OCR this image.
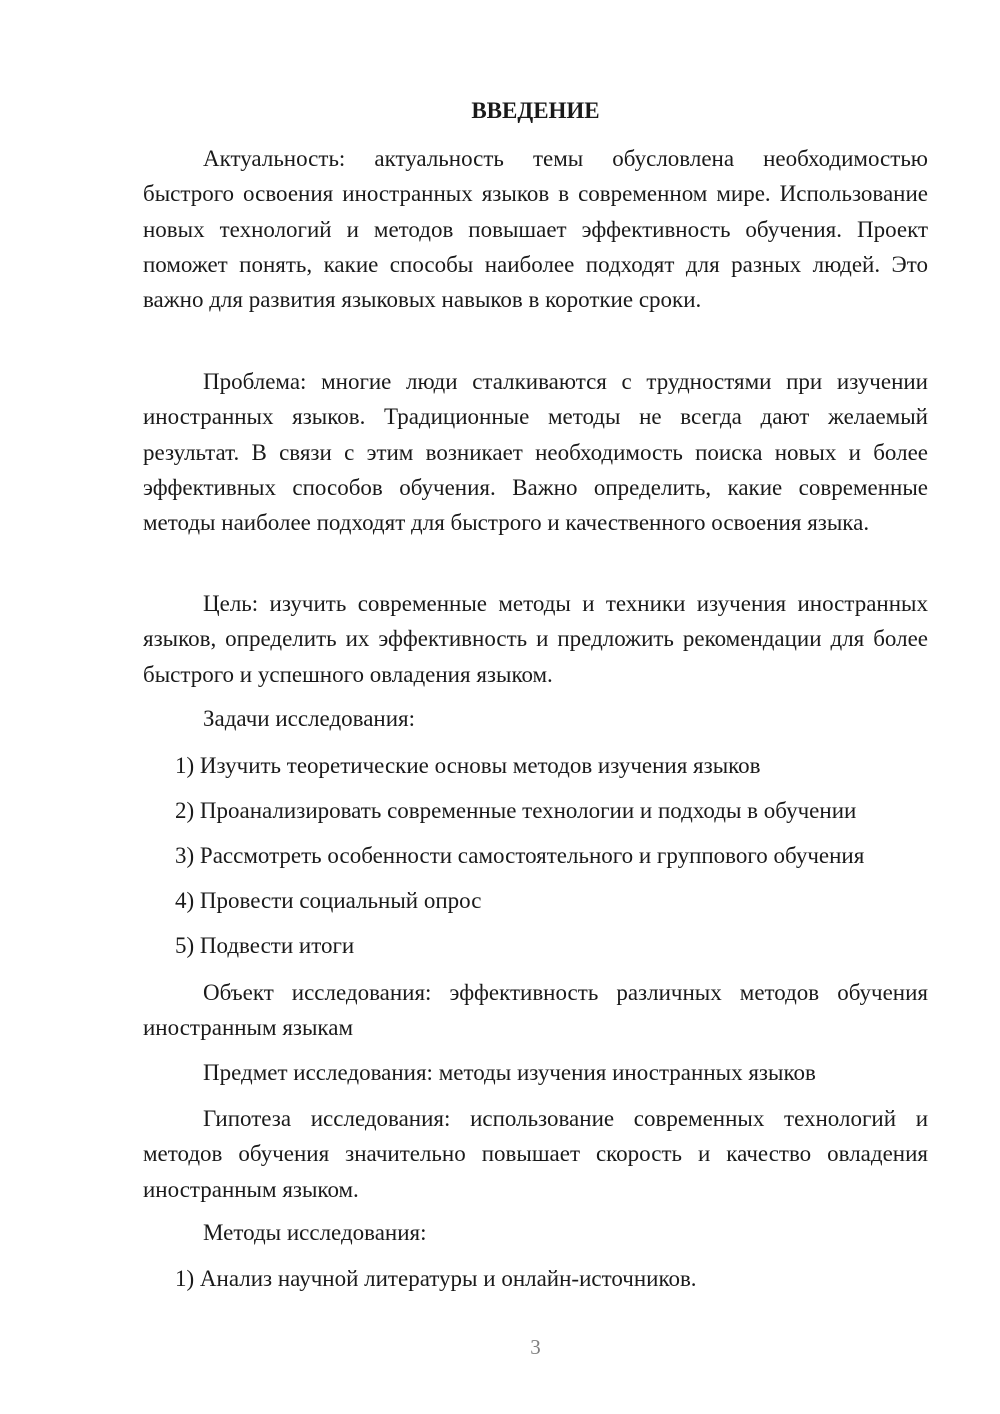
ВВЕДЕНИЕ

Актуальность: актуальность темы обусловлена необходимостью быстрого освоения иностранных языков в современном мире. Использование новых технологий и методов повышает эффективность обучения. Проект поможет понять, какие способы наиболее подходят для разных людей. Это важно для развития языковых навыков в короткие сроки.

Проблема: многие люди сталкиваются с трудностями при изучении иностранных языков. Традиционные методы не всегда дают желаемый результат. В связи с этим возникает необходимость поиска новых и более эффективных способов обучения. Важно определить, какие современные методы наиболее подходят для быстрого и качественного освоения языка.

Цель: изучить современные методы и техники изучения иностранных языков, определить их эффективность и предложить рекомендации для более быстрого и успешного овладения языком.

Задачи исследования:

1) Изучить теоретические основы методов изучения языков

2) Проанализировать современные технологии и подходы в обучении

3) Рассмотреть особенности самостоятельного и группового обучения

4) Провести социальный опрос

5) Подвести итоги

Объект исследования: эффективность различных методов обучения иностранным языкам

Предмет исследования: методы изучения иностранных языков

Гипотеза исследования: использование современных технологий и методов обучения значительно повышает скорость и качество овладения иностранным языком.

Методы исследования:

1) Анализ научной литературы и онлайн-источников.

3
